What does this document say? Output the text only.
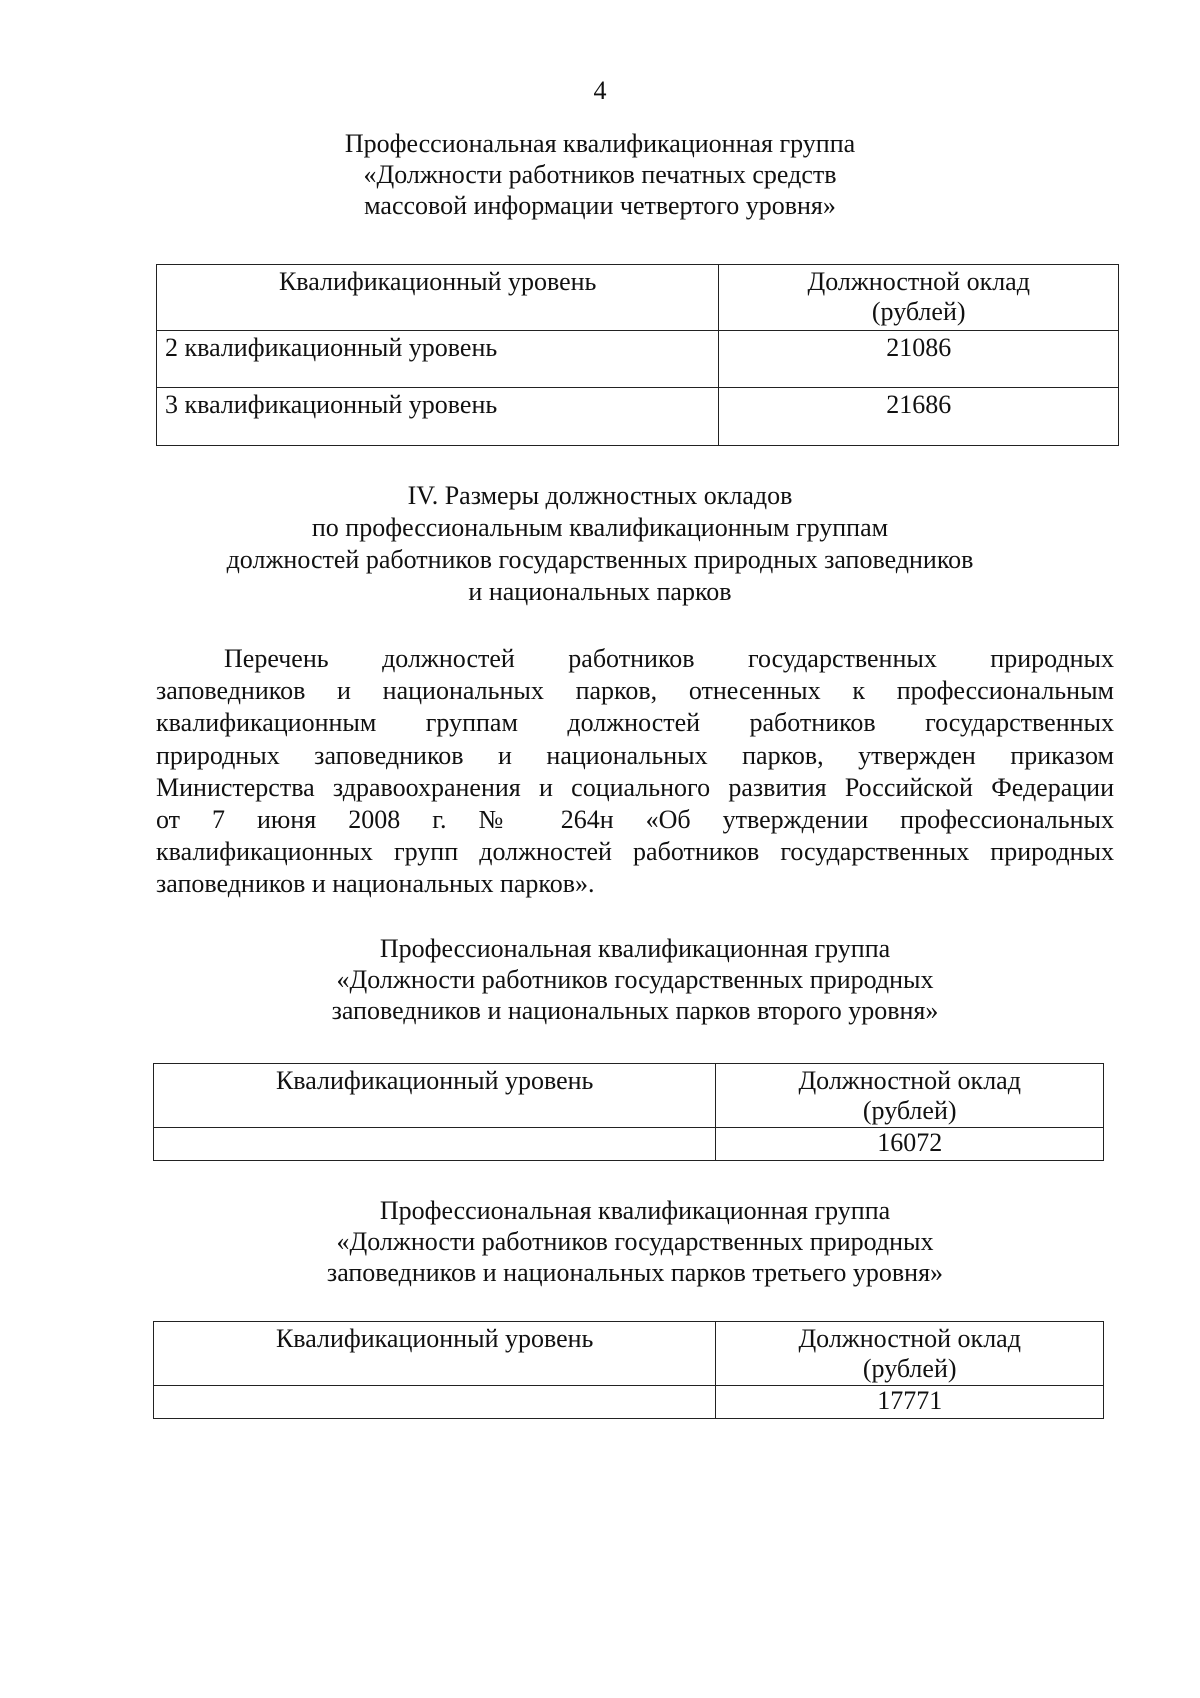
4
Профессиональная квалификационная группа
«Должности работников печатных средств
массовой информации четвертого уровня»
Квалификационный уровень	Должностной оклад
(рублей)

2 квалификационный уровень	21086
3 квалификационный уровень	21686
IV. Размеры должностных окладов
по профессиональным квалификационным группам
должностей работников государственных природных заповедников
и национальных парков
Перечень должностей работников государственных природных
заповедников и национальных парков, отнесенных к профессиональным
квалификационным группам должностей работников государственных
природных заповедников и национальных парков, утвержден приказом
Министерства здравоохранения и социального развития Российской Федерации
от 7 июня 2008 г. № 264н «Об утверждении профессиональных
квалификационных групп должностей работников государственных природных
заповедников и национальных парков».
Профессиональная квалификационная группа
«Должности работников государственных природных
заповедников и национальных парков второго уровня»
Квалификационный уровень	Должностной оклад
(рублей)

	16072
Профессиональная квалификационная группа
«Должности работников государственных природных
заповедников и национальных парков третьего уровня»
Квалификационный уровень	Должностной оклад
(рублей)

	17771
